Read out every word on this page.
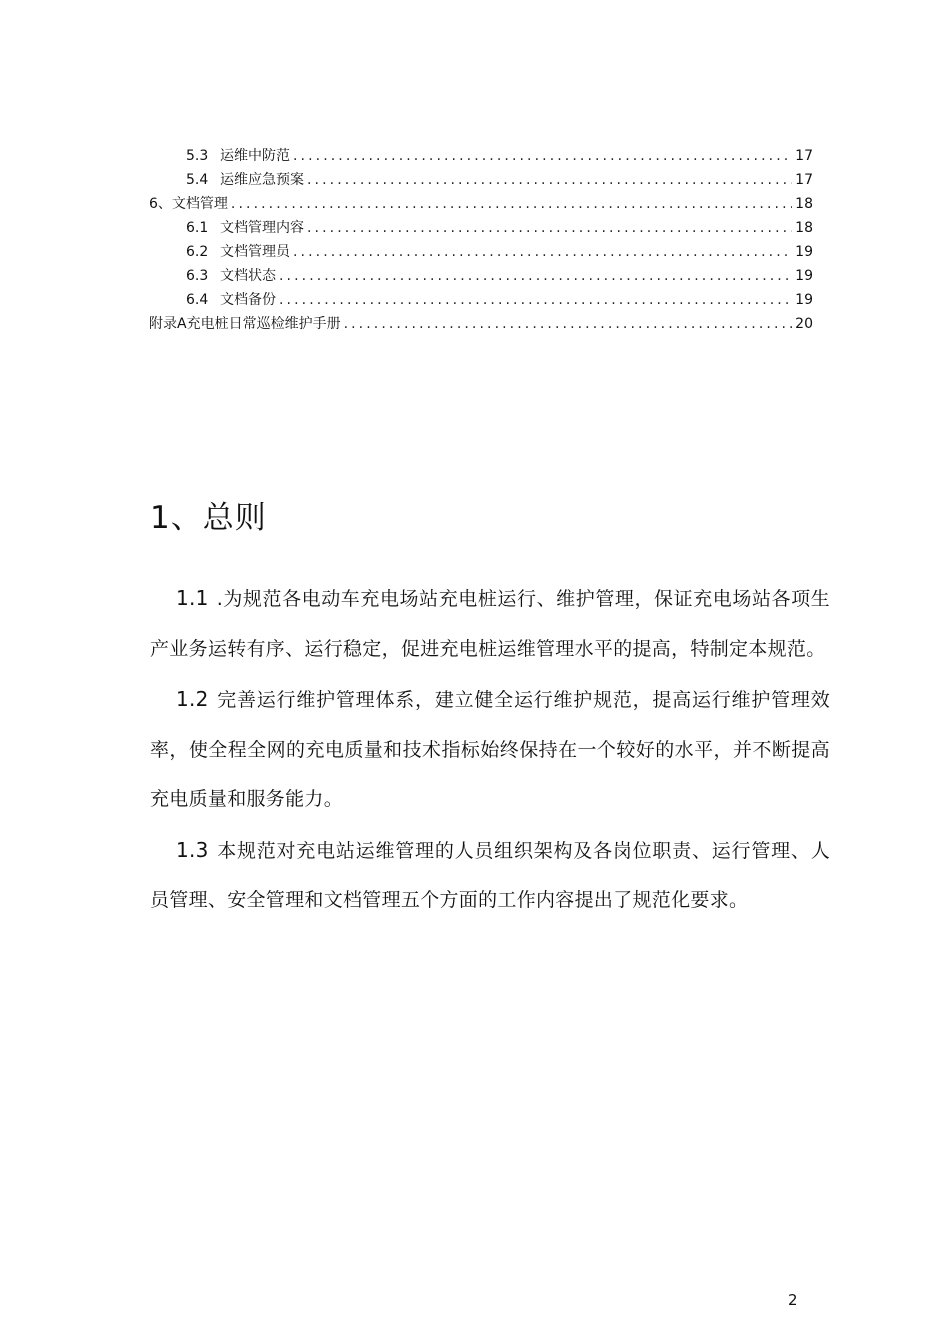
5.3 运维中防范 .....	17
5.4 运维应急预案 .....	17
6、文档管理 .....	18
6.1 文档管理内容 .....	18
6.2 文档管理员 .....	19
6.3 文档状态 .....	19
6.4 文档备份 .....	19
附录A充电桩日常巡检维护手册 .....	20
1、总则

1.1 .为规范各电动车充电场站充电桩运行、维护管理，保证充电场站各项生产业务运转有序、运行稳定，促进充电桩运维管理水平的提高，特制定本规范。

1.2 完善运行维护管理体系，建立健全运行维护规范，提高运行维护管理效率，使全程全网的充电质量和技术指标始终保持在一个较好的水平，并不断提高充电质量和服务能力。

1.3 本规范对充电站运维管理的人员组织架构及各岗位职责、运行管理、人员管理、安全管理和文档管理五个方面的工作内容提出了规范化要求。

2
